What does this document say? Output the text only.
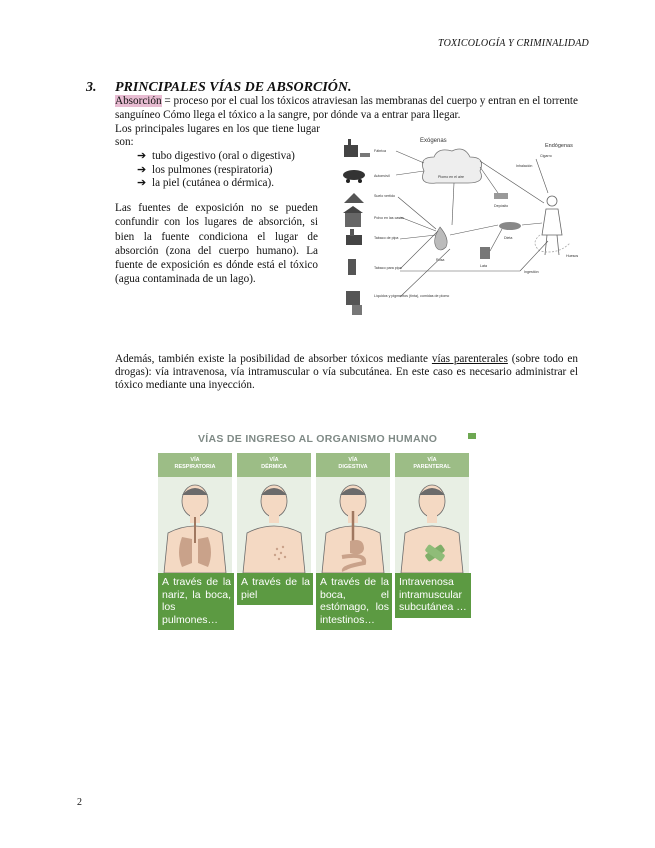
TOXICOLOGÍA Y CRIMINALIDAD
3. PRINCIPALES VÍAS DE ABSORCIÓN.
Absorción = proceso por el cual los tóxicos atraviesan las membranas del cuerpo y entran en el torrente sanguíneo Cómo llega el tóxico a la sangre, por dónde va a entrar para llegar.
Los principales lugares en los que tiene lugar son:
➔ tubo digestivo (oral o digestiva)
➔ los pulmones (respiratoria)
➔ la piel (cutánea o dérmica).
Las fuentes de exposición no se pueden confundir con los lugares de absorción, si bien la fuente condiciona el lugar de absorción (zona del cuerpo humano). La fuente de exposición es dónde está el tóxico (agua contaminada de un lago).
Exógenas
Endógenas
Fábrica
Automóvil
Suelo vertido
Polvo en las casas
Tabaco de pipa
Tabaco para pipa
Líquidos y pigmentos (tinta), comidas de plomo
Plomo en el aire
Rosa
Depósito
Dieta
Lata
Cigarro
Inhalación
Huesos
Ingestión
Además, también existe la posibilidad de absorber tóxicos mediante vías parenterales (sobre todo en drogas): vía intravenosa, vía intramuscular o vía subcutánea. En este caso es necesario administrar el tóxico mediante una inyección.
VÍAS DE INGRESO AL ORGANISMO HUMANO
VÍA
RESPIRATORIA
A través de la nariz, la boca, los pulmones…
VÍA
DÉRMICA
A través de la piel
VÍA
DIGESTIVA
A través de la boca, el estómago, los intestinos…
VÍA
PARENTERAL
Intravenosa intramuscular subcutánea …
2
